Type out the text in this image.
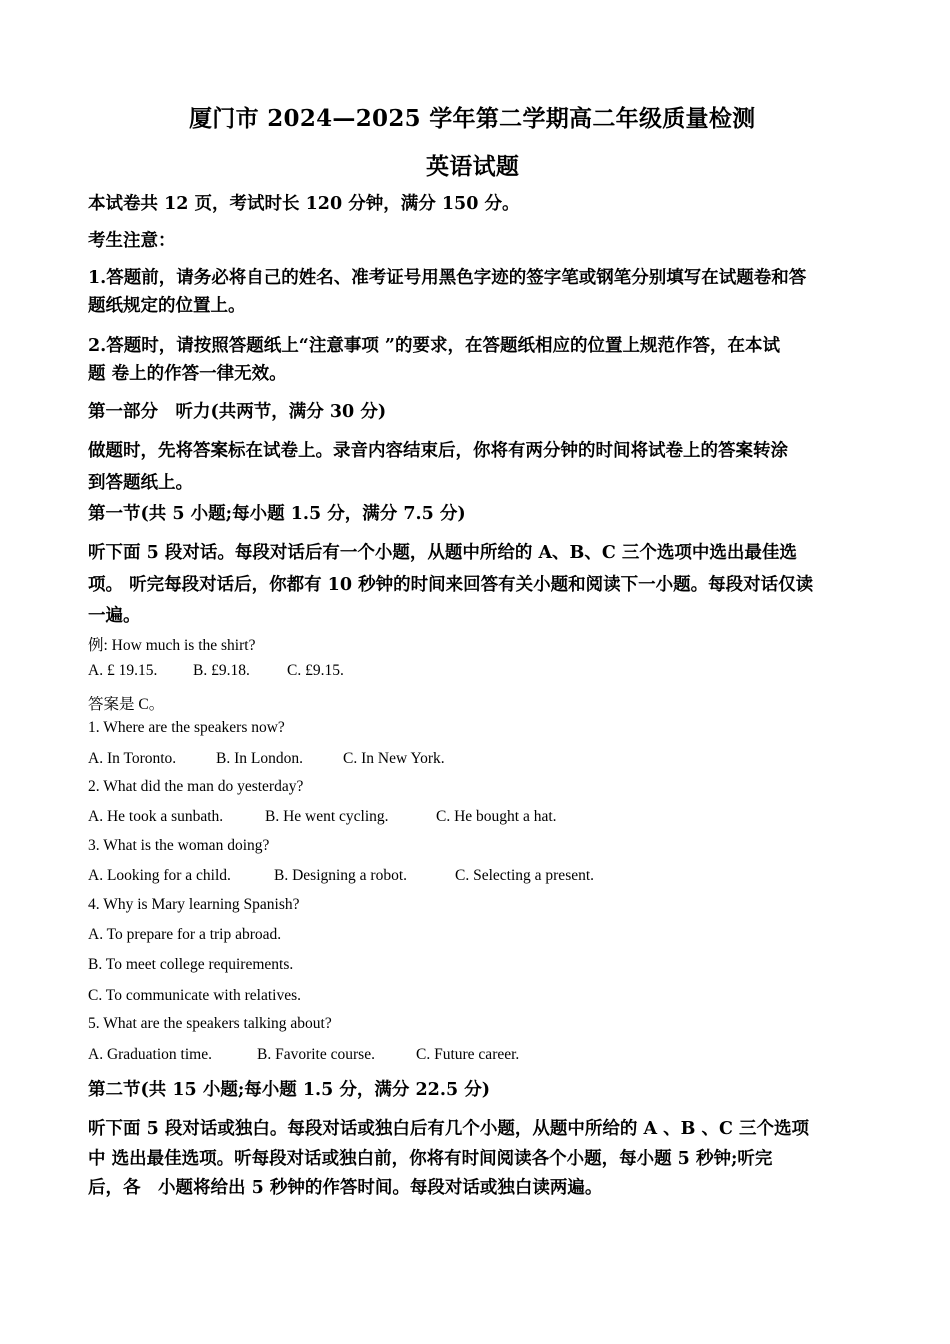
厦门市 2024—2025 学年第二学期高二年级质量检测
英语试题
本试卷共 12 页，考试时长 120 分钟，满分 150 分。
考生注意：
1.答题前，请务必将自己的姓名、准考证号用黑色字迹的签字笔或钢笔分别填写在试题卷和答
题纸规定的位置上。
2.答题时，请按照答题纸上“注意事项 ”的要求，在答题纸相应的位置上规范作答，在本试
题 卷上的作答一律无效。
第一部分　听力(共两节，满分 30 分)
做题时，先将答案标在试卷上。录音内容结束后，你将有两分钟的时间将试卷上的答案转涂
到答题纸上。
第一节(共 5 小题;每小题 1.5 分，满分 7.5 分)
听下面 5 段对话。每段对话后有一个小题，从题中所给的 A、B、C 三个选项中选出最佳选
项。 听完每段对话后，你都有 10 秒钟的时间来回答有关小题和阅读下一小题。每段对话仅读
一遍。
例: How much is the shirt?
A. £ 19.15. B. £9.18. C. £9.15.
答案是 C。
1. Where are the speakers now?
A. In Toronto.	B. In London.	C. In New York.
2. What did the man do yesterday?
A. He took a sunbath.	B. He went cycling.	C. He bought a hat.
3. What is the woman doing?
A. Looking for a child.	B. Designing a robot.	C. Selecting a present.
4. Why is Mary learning Spanish?
A. To prepare for a trip abroad.
B. To meet college requirements.
C. To communicate with relatives.
5. What are the speakers talking about?
A. Graduation time.	B. Favorite course.	C. Future career.
第二节(共 15 小题;每小题 1.5 分，满分 22.5 分)
听下面 5 段对话或独白。每段对话或独白后有几个小题，从题中所给的 A 、B 、C 三个选项
中 选出最佳选项。听每段对话或独白前，你将有时间阅读各个小题，每小题 5 秒钟;听完
后，各　小题将给出 5 秒钟的作答时间。每段对话或独白读两遍。
